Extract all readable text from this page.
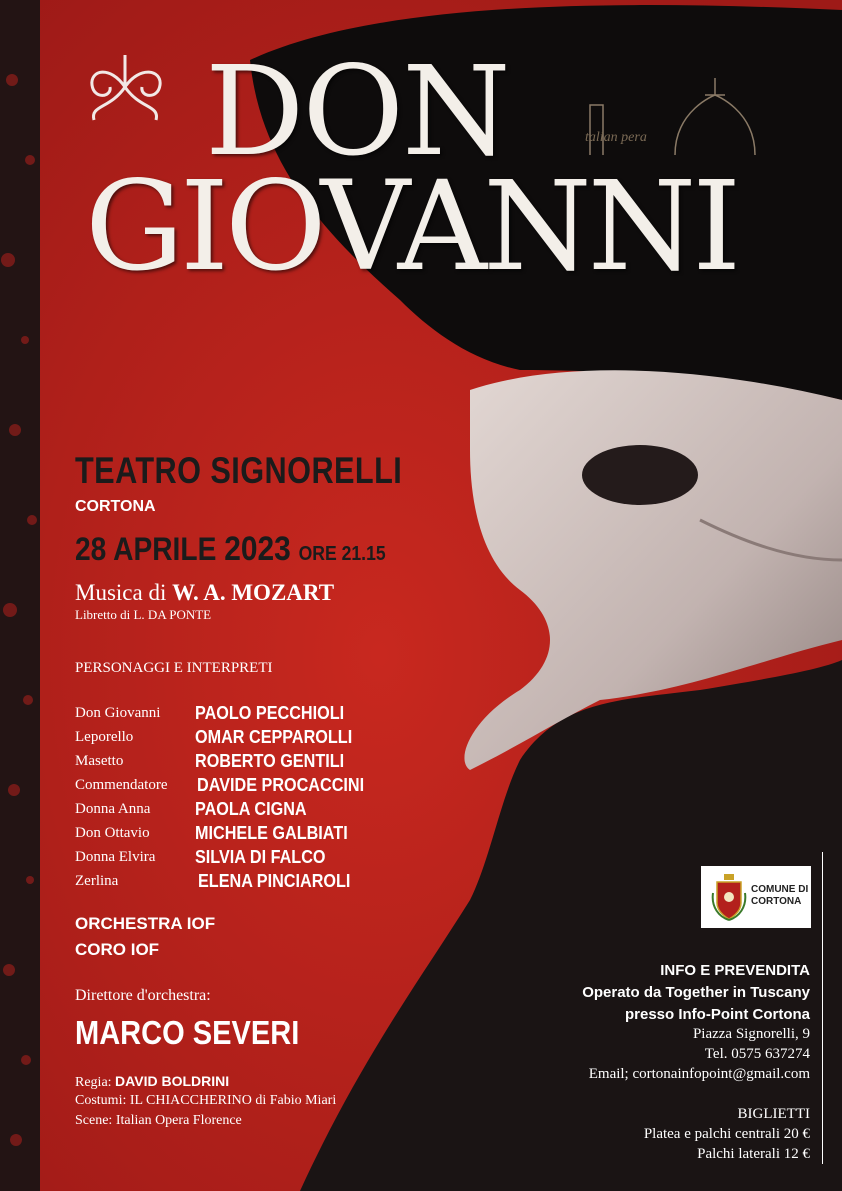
DON
GIOVANNI
talian pera
TEATRO SIGNORELLI
CORTONA
28 APRILE 2023 ORE 21.15
Musica di W. A. MOZART
Libretto di L. DA PONTE
PERSONAGGI E INTERPRETI
Don Giovanni PAOLO PECCHIOLI
Leporello	OMAR CEPPAROLLI
Masetto	ROBERTO GENTILI
Commendatore DAVIDE PROCACCINI
Donna Anna PAOLA CIGNA
Don Ottavio	MICHELE GALBIATI
Donna Elvira SILVIA DI FALCO
Zerlina	ELENA PINCIAROLI
ORCHESTRA IOF
CORO IOF
Direttore d'orchestra:
MARCO SEVERI
Regia: DAVID BOLDRINI
Costumi: IL CHIACCHERINO di Fabio Miari
Scene: Italian Opera Florence
COMUNE DI
CORTONA
INFO E PREVENDITA
Operato da Together in Tuscany
presso Info-Point Cortona
Piazza Signorelli, 9
Tel. 0575 637274
Email; cortonainfopoint@gmail.com
BIGLIETTI
Platea e palchi centrali 20 €
Palchi laterali 12 €
